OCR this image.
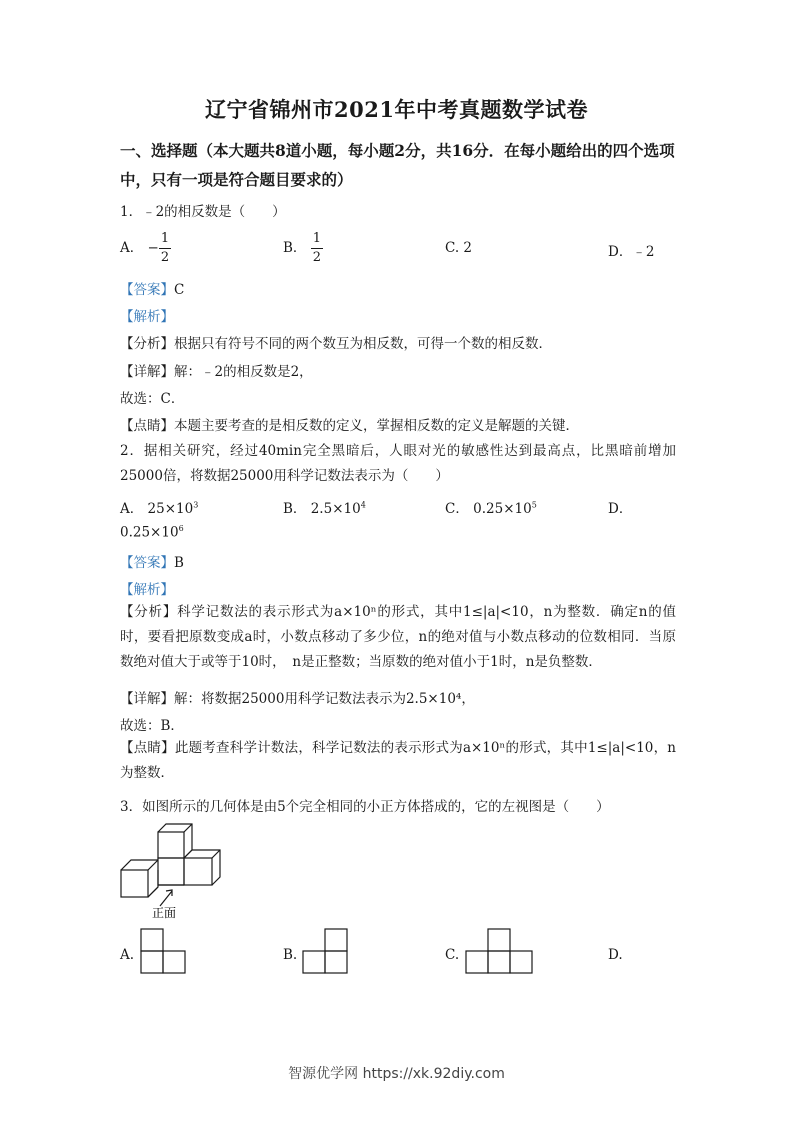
辽宁省锦州市2021年中考真题数学试卷
一、选择题（本大题共8道小题，每小题2分，共16分．在每小题给出的四个选项中，只有一项是符合题目要求的）
1．﹣2的相反数是（　　）
A． − $\frac{1}{2}$	B． $\frac{1}{2}$	C. 2	D．﹣2
【答案】C
【解析】
【分析】根据只有符号不同的两个数互为相反数，可得一个数的相反数．
【详解】解：﹣2的相反数是2，
故选：C．
【点睛】本题主要考查的是相反数的定义，掌握相反数的定义是解题的关键．
2．据相关研究，经过40min完全黑暗后，人眼对光的敏感性达到最高点，比黑暗前增加25000倍，将数据25000用科学记数法表示为（　　）
A． $25\times 10^3$	B． $2.5\times 10^4$	C． $0.25\times 10^5$	D．
$0.25\times 10^6$
【答案】B
【解析】
【分析】科学记数法的表示形式为a×10ⁿ的形式，其中1≤|a|<10，n为整数．确定n的值时，要看把原数变成a时，小数点移动了多少位，n的绝对值与小数点移动的位数相同．当原数绝对值大于或等于10时，　n是正整数；当原数的绝对值小于1时，n是负整数．
【详解】解：将数据25000用科学记数法表示为2.5×10⁴，
故选：B．
【点睛】此题考查科学计数法，科学记数法的表示形式为a×10ⁿ的形式，其中1≤|a|<10，n为整数．
3．如图所示的几何体是由5个完全相同的小正方体搭成的，它的左视图是（　　）
正面
A.	B.	C.	D.
智源优学网 https://xk.92diy.com
